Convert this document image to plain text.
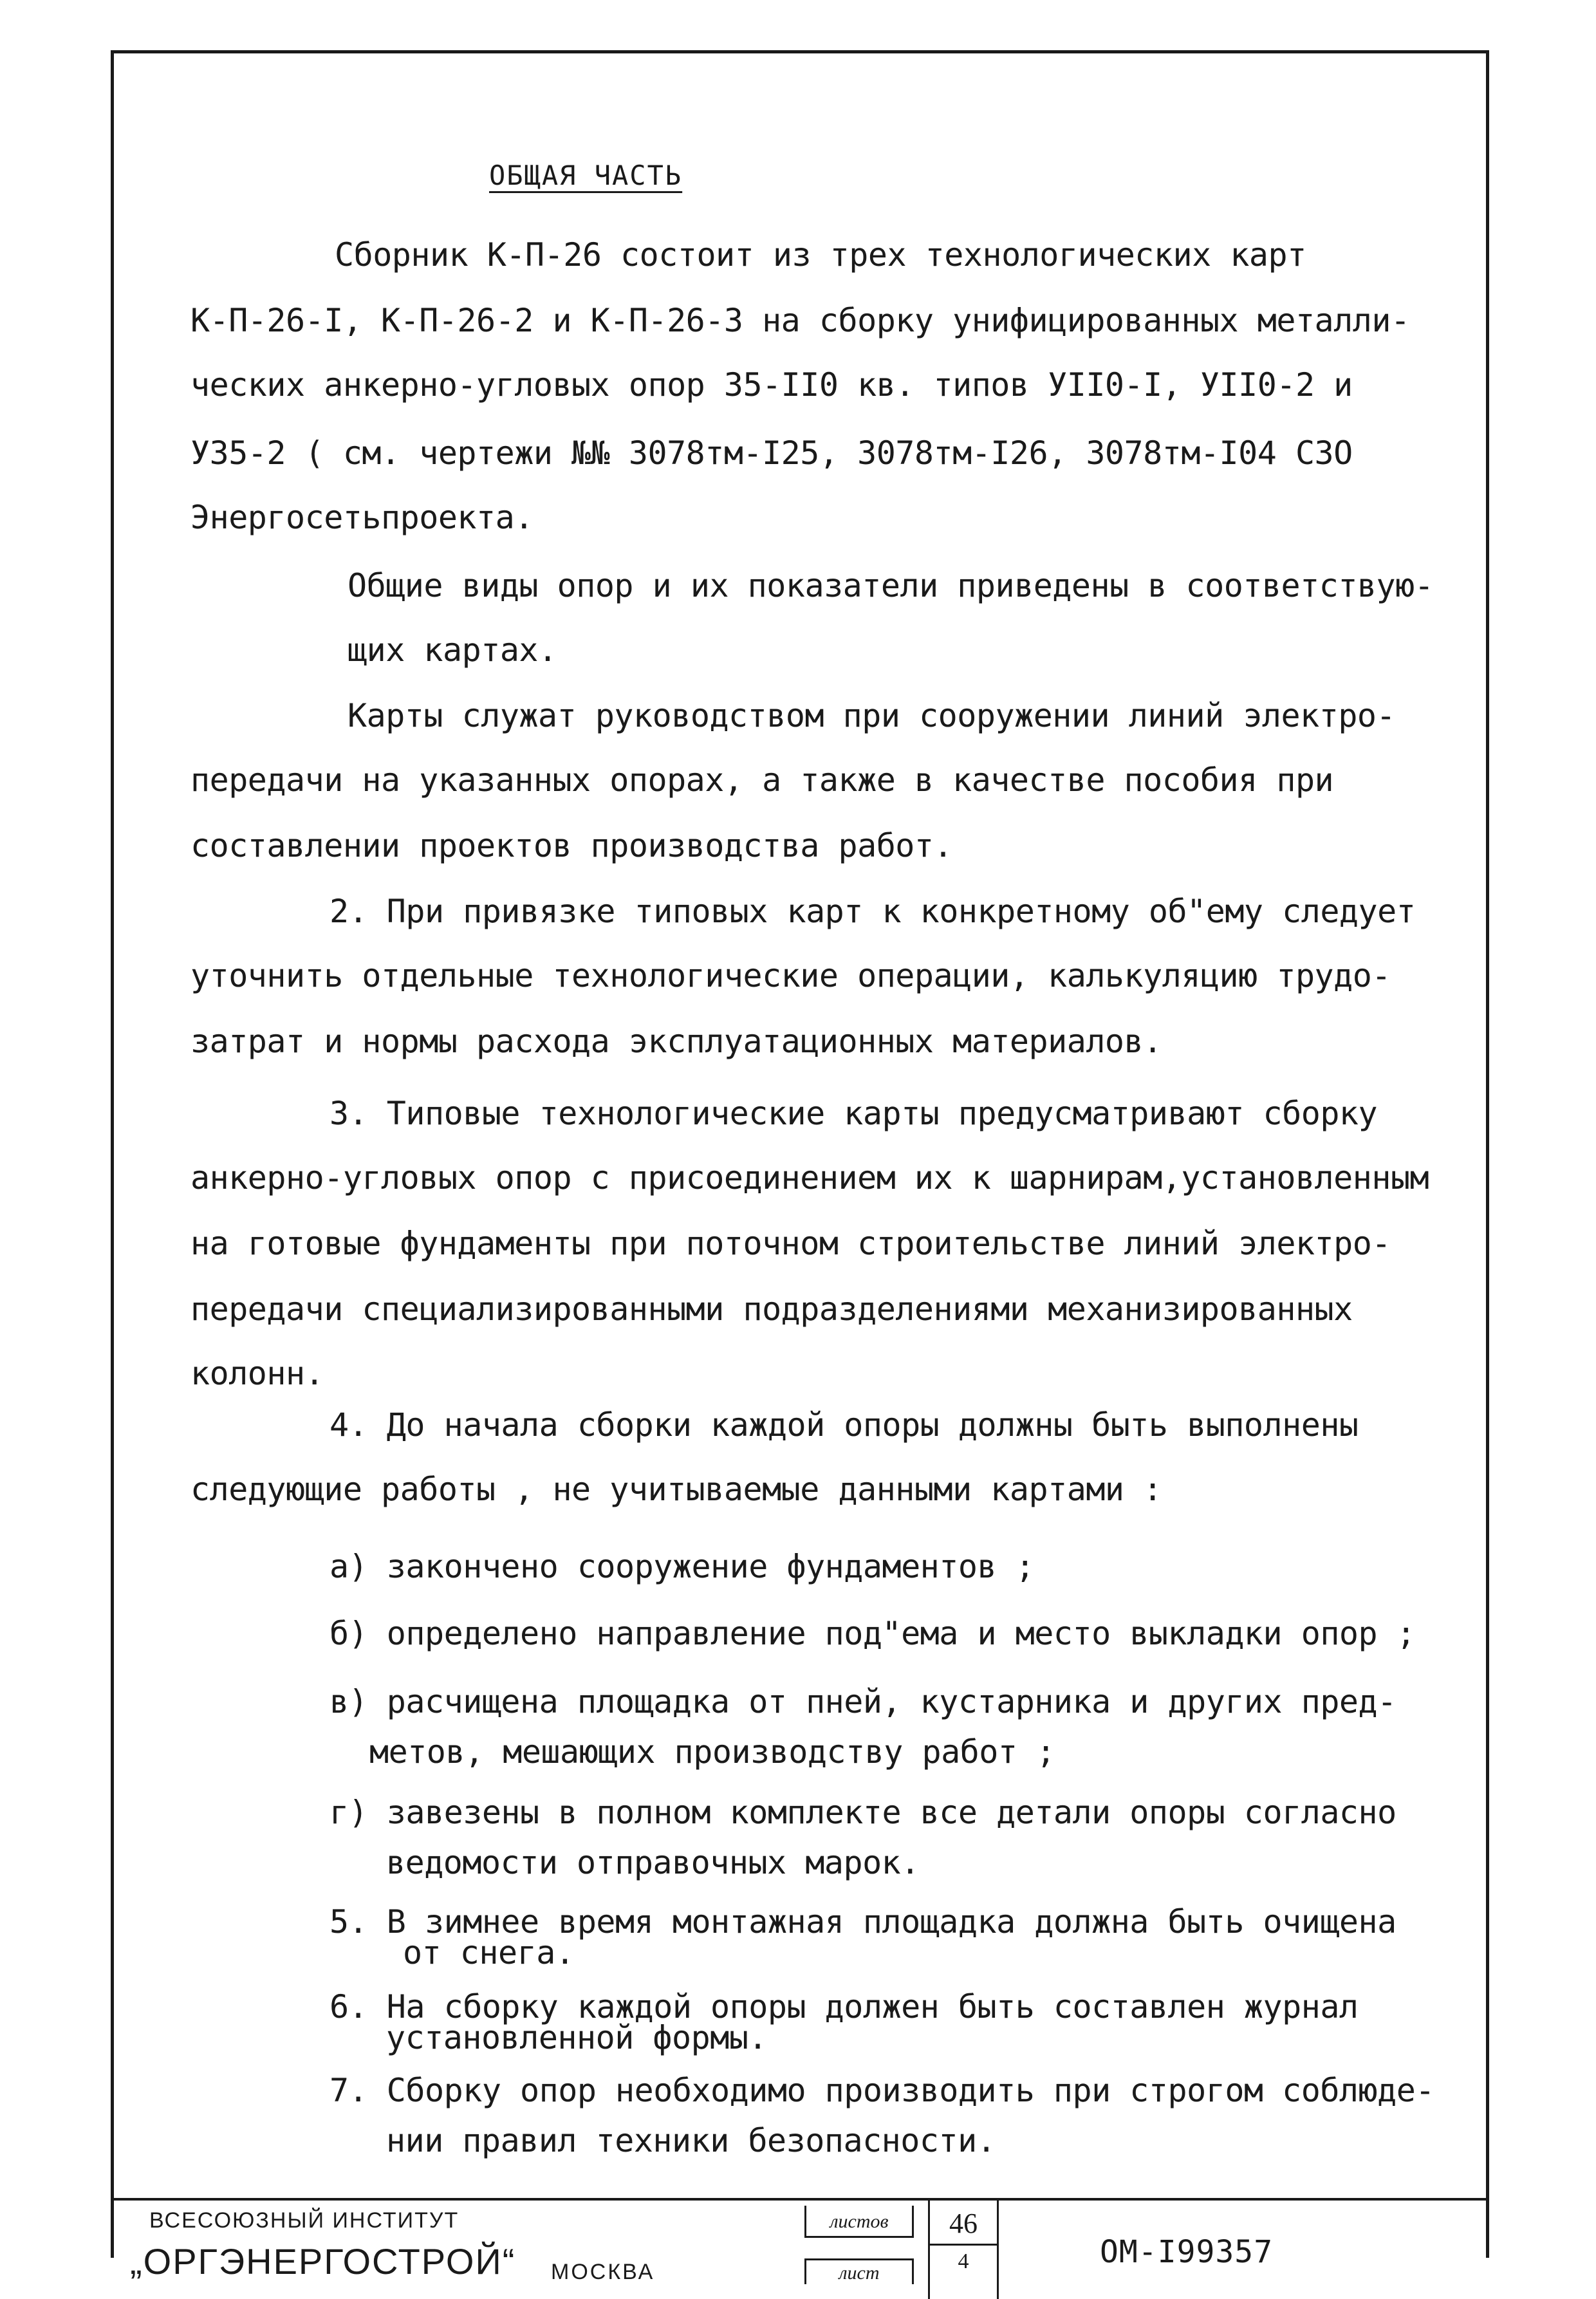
ОБЩАЯ ЧАСТЬ
Сборник К-П-26 состоит из трех технологических карт
К-П-26-I, К-П-26-2 и К-П-26-3 на сборку унифицированных металли-
ческих анкерно-угловых опор 35-II0 кв. типов УII0-I, УII0-2 и
У35-2 ( см. чертежи №№ 3078тм-I25, 3078тм-I26, 3078тм-I04 СЗО
Энергосетьпроекта.
Общие виды опор и их показатели приведены в соответствую-
щих картах.
Карты служат руководством при сооружении линий электро-
передачи на указанных опорах, а также в качестве пособия при
составлении проектов производства работ.
2. При привязке типовых карт к конкретному об"ему следует
уточнить отдельные технологические операции, калькуляцию трудо-
затрат и нормы расхода эксплуатационных материалов.
3. Типовые технологические карты предусматривают сборку
анкерно-угловых опор с присоединением их к шарнирам,установленным
на готовые фундаменты при поточном строительстве линий электро-
передачи специализированными подразделениями механизированных
колонн.
4. До начала сборки каждой опоры должны быть выполнены
следующие работы , не учитываемые данными картами :
а) закончено сооружение фундаментов ;
б) определено направление под"ема и место выкладки опор ;
в) расчищена площадка от пней, кустарника и других пред-
метов, мешающих производству работ ;
г) завезены в полном комплекте все детали опоры согласно
ведомости отправочных марок.
5. В зимнее время монтажная площадка должна быть очищена
от снега.
6. На сборку каждой опоры должен быть составлен журнал
установленной формы.
7. Сборку опор необходимо производить при строгом соблюде-
нии правил техники безопасности.
ВСЕСОЮЗНЫЙ ИНСТИТУТ
„ОРГЭНЕРГОСТРОЙ“ МОСКВА
листов
лист
46
4	ОМ-I99357
